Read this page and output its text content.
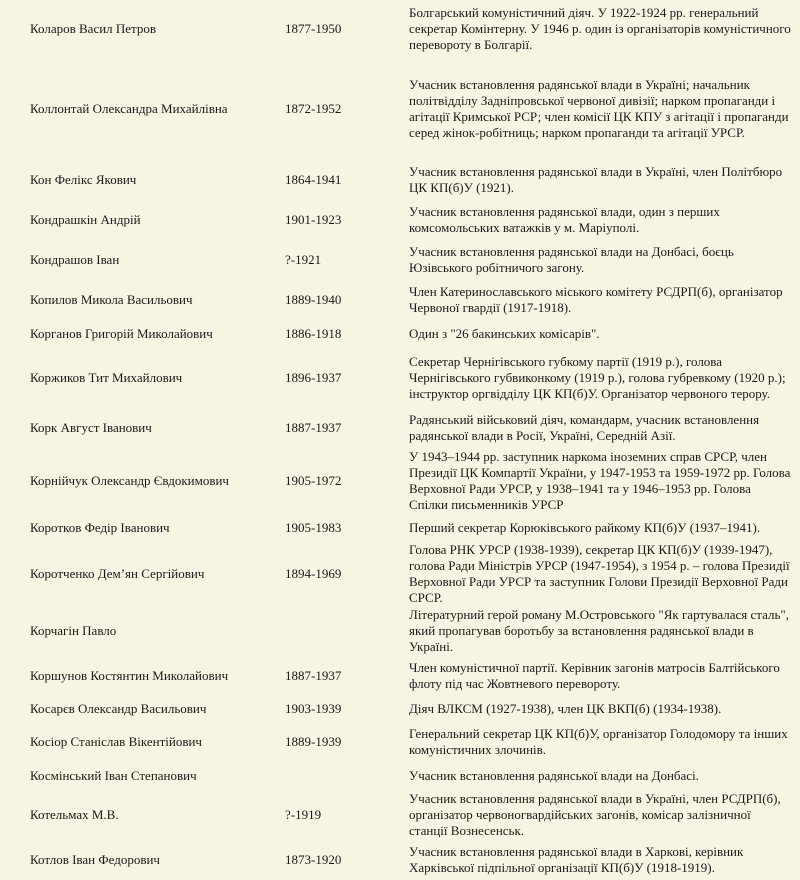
Коларов Васил Петров	1877-1950	Болгарський комуністичний діяч. У 1922-1924 рр. генеральний секретар Комінтерну. У 1946 р. один із організаторів комуністичного перевороту в Болгарії.
Коллонтай Олександра Михайлівна	1872-1952	Учасник встановлення радянської влади в Україні; начальник політвідділу Задніпровської червоної дивізії; нарком пропаганди і агітації Кримської РСР; член комісії ЦК КПУ з агітації і пропаганди серед жінок-робітниць; нарком пропаганди та агітації УРСР.
Кон Фелікс Якович	1864-1941	Учасник встановлення радянської влади в Україні, член Політбюро ЦК КП(б)У (1921).
Кондрашкін Андрій	1901-1923	Учасник встановлення радянської влади, один з перших комсомольських ватажків у м. Маріуполі.
Кондрашов Іван	?-1921	Учасник встановлення радянської влади на Донбасі, боєць Юзівського робітничого загону.
Копилов Микола Васильович	1889-1940	Член Катеринославського міського комітету РСДРП(б), організатор Червоної гвардії (1917-1918).
Корганов Григорій Миколайович	1886-1918	Один з "26 бакинських комісарів".
Коржиков Тит Михайлович	1896-1937	Секретар Чернігівського губкому партії (1919 р.), голова Чернігівського губвиконкому (1919 р.), голова губревкому (1920 р.); інструктор оргвідділу ЦК КП(б)У. Організатор червоного терору.
Корк Август Іванович	1887-1937	Радянський військовий діяч, командарм, учасник встановлення радянської влади в Росії, Україні, Середній Азії.
Корнійчук Олександр Євдокимович	1905-1972	У 1943–1944 рр. заступник наркома іноземних справ СРСР, член Президії ЦК Компартії України, у 1947-1953 та 1959-1972 рр. Голова Верховної Ради УРСР, у 1938–1941 та у 1946–1953 рр. Голова Спілки письменників УРСР
Коротков Федір Іванович	1905-1983	Перший секретар Корюківського райкому КП(б)У (1937–1941).
Коротченко Дем’ян Сергійович	1894-1969	Голова РНК УРСР (1938-1939), секретар ЦК КП(б)У (1939-1947), голова Ради Міністрів УРСР (1947-1954), з 1954 р. – голова Президії Верховної Ради УРСР та заступник Голови Президії Верховної Ради СРСР.
Корчагін Павло		Літературний герой роману М.Островського "Як гартувалася сталь", який пропагував боротьбу за встановлення радянської влади в Україні.
Коршунов Костянтин Миколайович	1887-1937	Член комуністичної партії. Керівник загонів матросів Балтійського флоту під час Жовтневого перевороту.
Косарєв Олександр Васильович	1903-1939	Діяч ВЛКСМ (1927-1938), член ЦК ВКП(б) (1934-1938).
Косіор Станіслав Вікентійович	1889-1939	Генеральний секретар ЦК КП(б)У, організатор Голодомору та інших комуністичних злочинів.
Космінський Іван Степанович		Учасник встановлення радянської влади на Донбасі.
Котельмах М.В.	?-1919	Учасник встановлення радянської влади в Україні, член РСДРП(б), організатор червоногвардійських загонів, комісар залізничної станції Вознесенськ.
Котлов Іван Федорович	1873-1920	Учасник встановлення радянської влади в Харкові, керівник Харківської підпільної організації КП(б)У (1918-1919).
